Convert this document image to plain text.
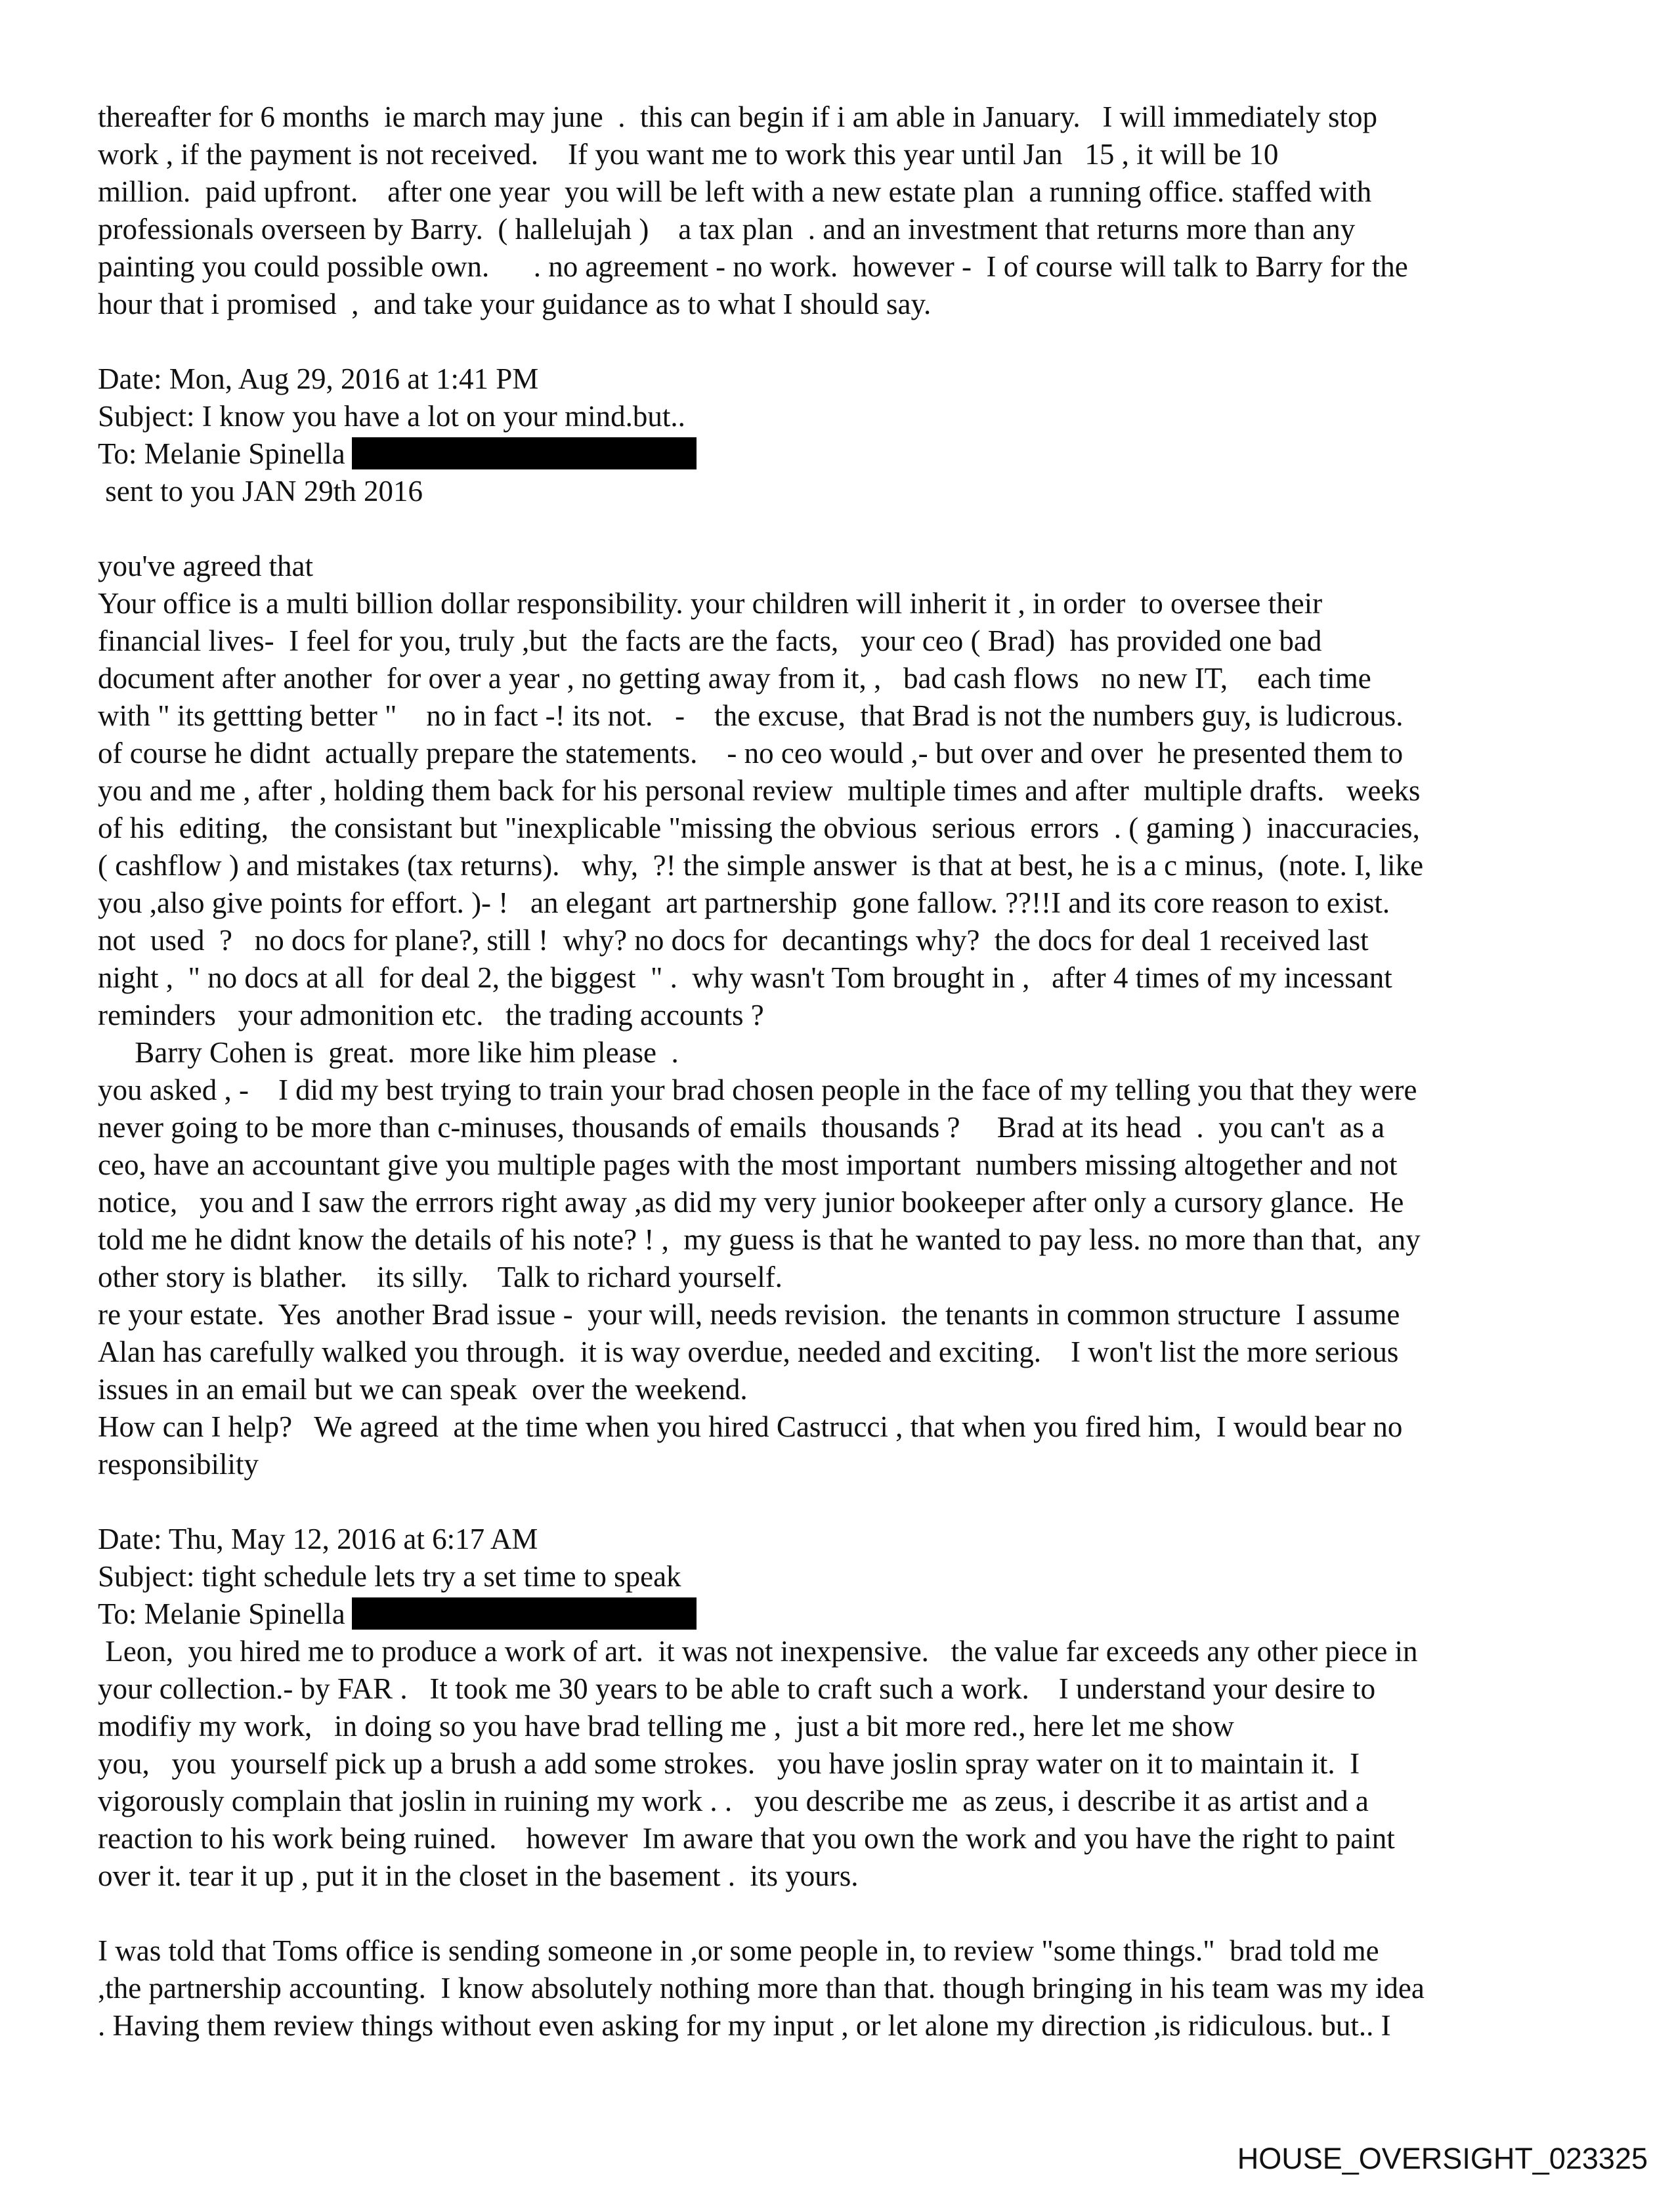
thereafter for 6 months  ie march may june  .  this can begin if i am able in January.   I will immediately stop
work , if the payment is not received.    If you want me to work this year until Jan   15 , it will be 10
million.  paid upfront.    after one year  you will be left with a new estate plan  a running office. staffed with
professionals overseen by Barry.  ( hallelujah )    a tax plan  . and an investment that returns more than any
painting you could possible own.      . no agreement - no work.  however -  I of course will talk to Barry for the
hour that i promised  ,  and take your guidance as to what I should say.
Date: Mon, Aug 29, 2016 at 1:41 PM
Subject: I know you have a lot on your mind.but..
To: Melanie Spinella
sent to you JAN 29th 2016
you've agreed that
Your office is a multi billion dollar responsibility. your children will inherit it , in order  to oversee their
financial lives-  I feel for you, truly ,but  the facts are the facts,   your ceo ( Brad)  has provided one bad
document after another  for over a year , no getting away from it, ,   bad cash flows   no new IT,    each time
with " its gettting better "    no in fact -! its not.   -    the excuse,  that Brad is not the numbers guy, is ludicrous.
of course he didnt  actually prepare the statements.    - no ceo would ,- but over and over  he presented them to
you and me , after , holding them back for his personal review  multiple times and after  multiple drafts.   weeks
of his  editing,   the consistant but "inexplicable "missing the obvious  serious  errors  . ( gaming )  inaccuracies,
( cashflow ) and mistakes (tax returns).   why,  ?! the simple answer  is that at best, he is a c minus,  (note. I, like
you ,also give points for effort. )- !   an elegant  art partnership  gone fallow. ??!!I and its core reason to exist.
not  used  ?   no docs for plane?, still !  why? no docs for  decantings why?  the docs for deal 1 received last
night ,  " no docs at all  for deal 2, the biggest  " .  why wasn't Tom brought in ,   after 4 times of my incessant
reminders   your admonition etc.   the trading accounts ?
Barry Cohen is  great.  more like him please  .
you asked , -    I did my best trying to train your brad chosen people in the face of my telling you that they were
never going to be more than c-minuses, thousands of emails  thousands ?     Brad at its head  .  you can't  as a
ceo, have an accountant give you multiple pages with the most important  numbers missing altogether and not
notice,   you and I saw the errrors right away ,as did my very junior bookeeper after only a cursory glance.  He
told me he didnt know the details of his note? ! ,  my guess is that he wanted to pay less. no more than that,  any
other story is blather.    its silly.    Talk to richard yourself.
re your estate.  Yes  another Brad issue -  your will, needs revision.  the tenants in common structure  I assume
Alan has carefully walked you through.  it is way overdue, needed and exciting.    I won't list the more serious
issues in an email but we can speak  over the weekend.
How can I help?   We agreed  at the time when you hired Castrucci , that when you fired him,  I would bear no
responsibility
Date: Thu, May 12, 2016 at 6:17 AM
Subject: tight schedule lets try a set time to speak
To: Melanie Spinella
Leon,  you hired me to produce a work of art.  it was not inexpensive.   the value far exceeds any other piece in
your collection.- by FAR .   It took me 30 years to be able to craft such a work.    I understand your desire to
modifiy my work,   in doing so you have brad telling me ,  just a bit more red., here let me show
you,   you  yourself pick up a brush a add some strokes.   you have joslin spray water on it to maintain it.  I
vigorously complain that joslin in ruining my work . .   you describe me  as zeus, i describe it as artist and a
reaction to his work being ruined.    however  Im aware that you own the work and you have the right to paint
over it. tear it up , put it in the closet in the basement .  its yours.
I was told that Toms office is sending someone in ,or some people in, to review "some things."  brad told me
,the partnership accounting.  I know absolutely nothing more than that. though bringing in his team was my idea
. Having them review things without even asking for my input , or let alone my direction ,is ridiculous. but.. I
HOUSE_OVERSIGHT_023325
